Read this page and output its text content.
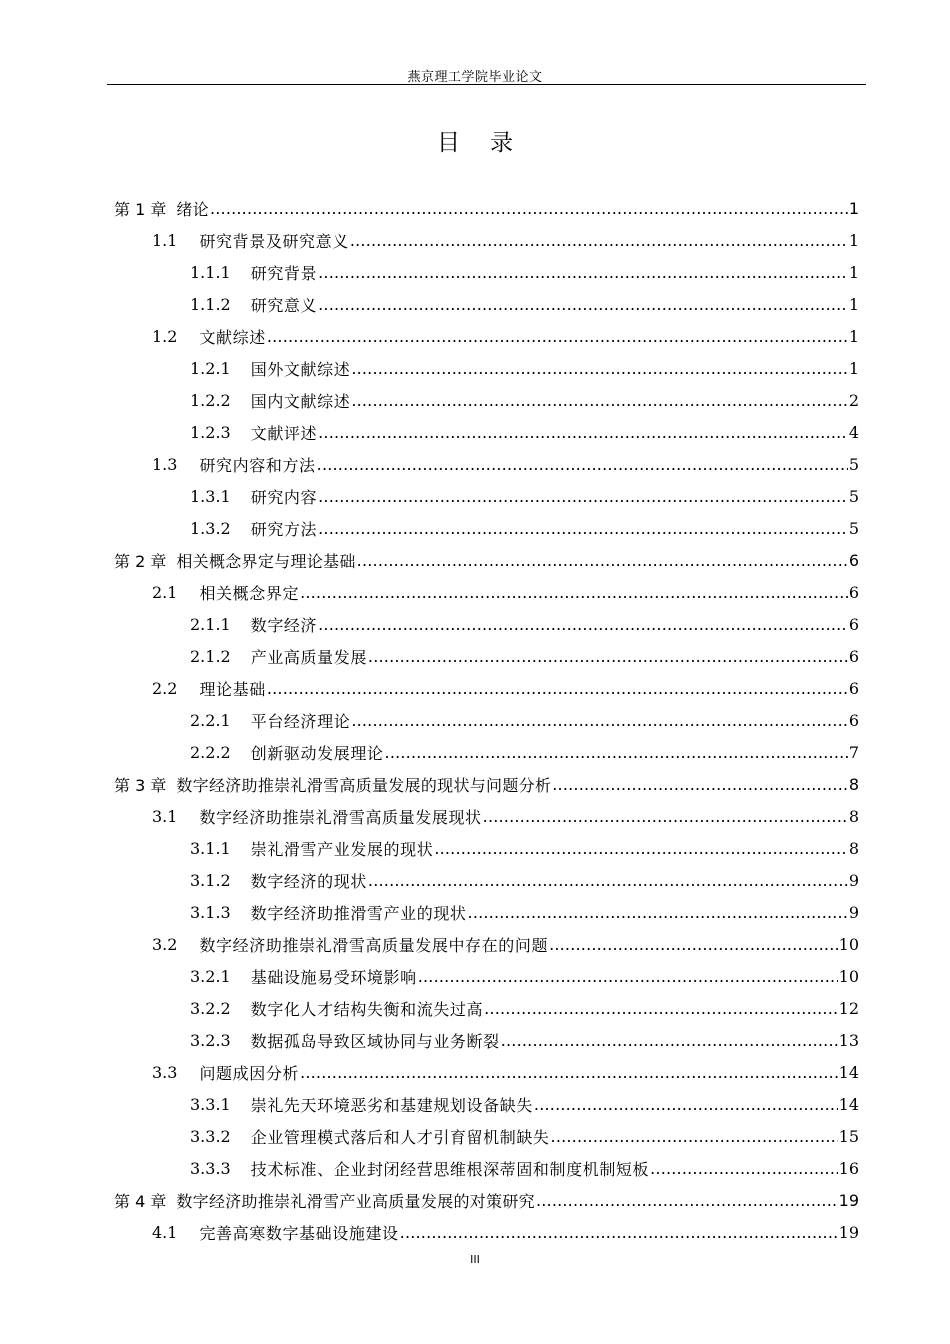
燕京理工学院毕业论文
目 录
第 1 章 绪论 .....	1
1.1 研究背景及研究意义 .....	1
1.1.1 研究背景 .....	1
1.1.2 研究意义 .....	1
1.2 文献综述 .....	1
1.2.1 国外文献综述 .....	1
1.2.2 国内文献综述 .....	2
1.2.3 文献评述 .....	4
1.3 研究内容和方法 .....	5
1.3.1 研究内容 .....	5
1.3.2 研究方法 .....	5
第 2 章 相关概念界定与理论基础 .....	6
2.1 相关概念界定 .....	6
2.1.1 数字经济 .....	6
2.1.2 产业高质量发展 .....	6
2.2 理论基础 .....	6
2.2.1 平台经济理论 .....	6
2.2.2 创新驱动发展理论 .....	7
第 3 章 数字经济助推崇礼滑雪高质量发展的现状与问题分析 .....	8
3.1 数字经济助推崇礼滑雪高质量发展现状 .....	8
3.1.1 崇礼滑雪产业发展的现状 .....	8
3.1.2 数字经济的现状 .....	9
3.1.3 数字经济助推滑雪产业的现状 .....	9
3.2 数字经济助推崇礼滑雪高质量发展中存在的问题 .....	10
3.2.1 基础设施易受环境影响 .....	10
3.2.2 数字化人才结构失衡和流失过高 .....	12
3.2.3 数据孤岛导致区域协同与业务断裂 .....	13
3.3 问题成因分析 .....	14
3.3.1 崇礼先天环境恶劣和基建规划设备缺失 .....	14
3.3.2 企业管理模式落后和人才引育留机制缺失 .....	15
3.3.3 技术标准、企业封闭经营思维根深蒂固和制度机制短板 .....	16
第 4 章 数字经济助推崇礼滑雪产业高质量发展的对策研究 .....	19
4.1 完善高寒数字基础设施建设 .....	19
III
